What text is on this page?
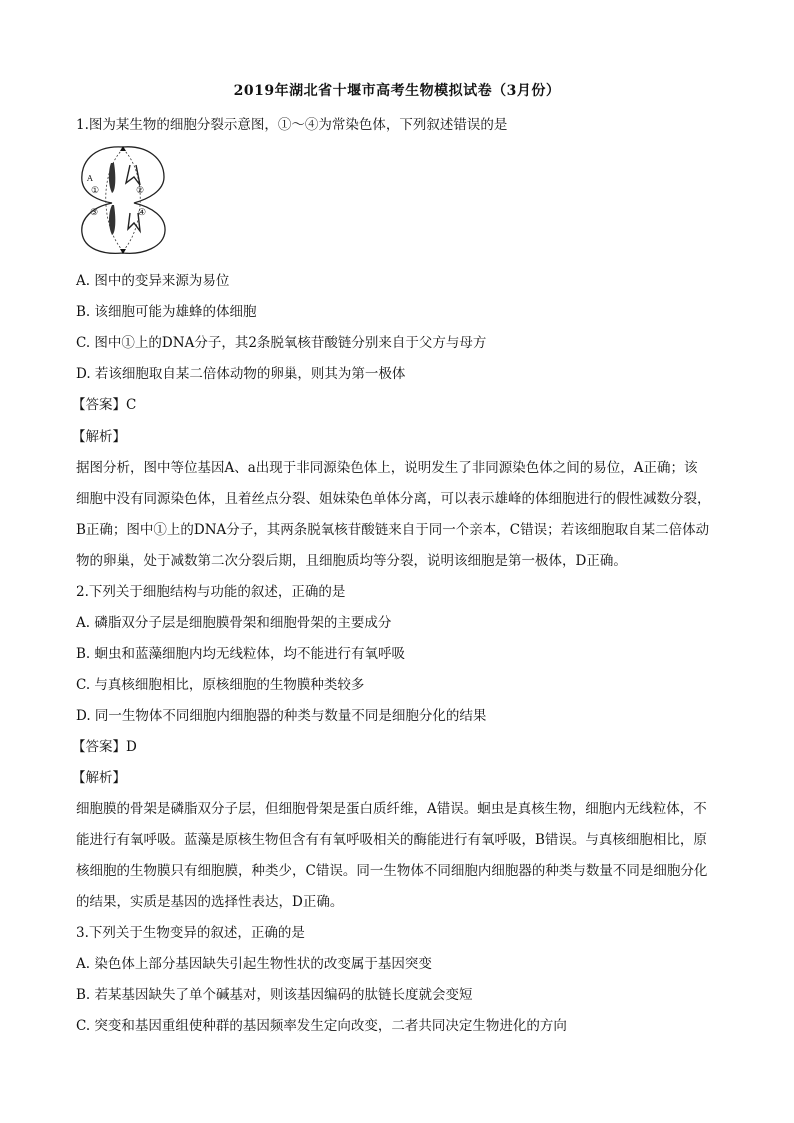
2019年湖北省十堰市高考生物模拟试卷（3月份）
1.图为某生物的细胞分裂示意图，①～④为常染色体，下列叙述错误的是
A
①	②
③	④
A. 图中的变异来源为易位
B. 该细胞可能为雄蜂的体细胞
C. 图中①上的DNA分子，其2条脱氧核苷酸链分别来自于父方与母方
D. 若该细胞取自某二倍体动物的卵巢，则其为第一极体
【答案】C
【解析】
据图分析，图中等位基因A、a出现于非同源染色体上，说明发生了非同源染色体之间的易位，A正确；该
细胞中没有同源染色体，且着丝点分裂、姐妹染色单体分离，可以表示雄峰的体细胞进行的假性减数分裂，
B正确；图中①上的DNA分子，其两条脱氧核苷酸链来自于同一个亲本，C错误；若该细胞取自某二倍体动
物的卵巢，处于减数第二次分裂后期，且细胞质均等分裂，说明该细胞是第一极体，D正确。
2.下列关于细胞结构与功能的叙述，正确的是
A. 磷脂双分子层是细胞膜骨架和细胞骨架的主要成分
B. 蛔虫和蓝藻细胞内均无线粒体，均不能进行有氧呼吸
C. 与真核细胞相比，原核细胞的生物膜种类较多
D. 同一生物体不同细胞内细胞器的种类与数量不同是细胞分化的结果
【答案】D
【解析】
细胞膜的骨架是磷脂双分子层，但细胞骨架是蛋白质纤维，A错误。蛔虫是真核生物，细胞内无线粒体，不
能进行有氧呼吸。蓝藻是原核生物但含有有氧呼吸相关的酶能进行有氧呼吸，B错误。与真核细胞相比，原
核细胞的生物膜只有细胞膜，种类少，C错误。同一生物体不同细胞内细胞器的种类与数量不同是细胞分化
的结果，实质是基因的选择性表达，D正确。
3.下列关于生物变异的叙述，正确的是
A. 染色体上部分基因缺失引起生物性状的改变属于基因突变
B. 若某基因缺失了单个碱基对，则该基因编码的肽链长度就会变短
C. 突变和基因重组使种群的基因频率发生定向改变，二者共同决定生物进化的方向
